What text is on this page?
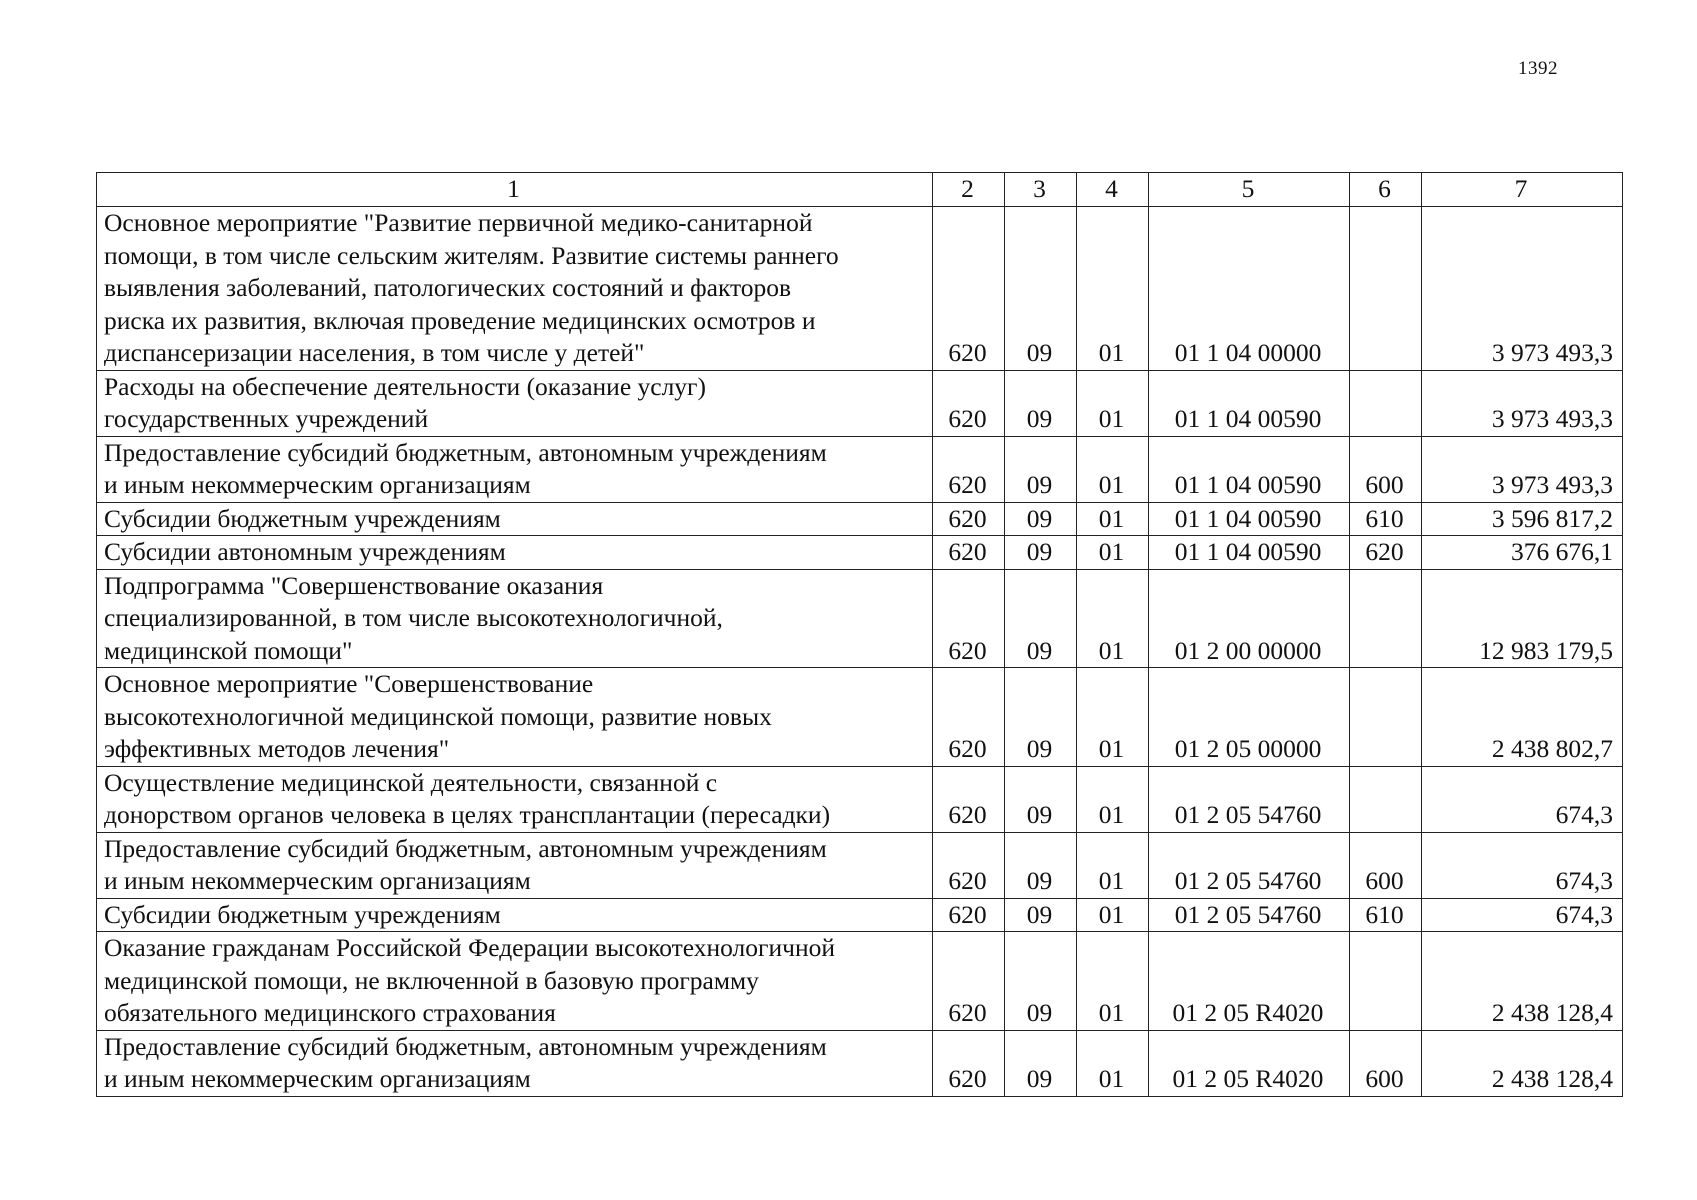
1392
1	2	3	4	5	6	7

Основное мероприятие "Развитие первичной медико-санитарной
помощи, в том числе сельским жителям. Развитие системы раннего
выявления заболеваний, патологических состояний и факторов
риска их развития, включая проведение медицинских осмотров и
диспансеризации населения, в том числе у детей"	620	09	01	01 1 04 00000		3 973 493,3

Расходы на обеспечение деятельности (оказание услуг)
государственных учреждений	620	09	01	01 1 04 00590		3 973 493,3

Предоставление субсидий бюджетным, автономным учреждениям
и иным некоммерческим организациям	620	09	01	01 1 04 00590	600	3 973 493,3

Субсидии бюджетным учреждениям	620	09	01	01 1 04 00590	610	3 596 817,2

Субсидии автономным учреждениям	620	09	01	01 1 04 00590	620	376 676,1

Подпрограмма "Совершенствование оказания
специализированной, в том числе высокотехнологичной,
медицинской помощи"	620	09	01	01 2 00 00000		12 983 179,5

Основное мероприятие "Совершенствование
высокотехнологичной медицинской помощи, развитие новых
эффективных методов лечения"	620	09	01	01 2 05 00000		2 438 802,7

Осуществление медицинской деятельности, связанной с
донорством органов человека в целях трансплантации (пересадки)	620	09	01	01 2 05 54760		674,3

Предоставление субсидий бюджетным, автономным учреждениям
и иным некоммерческим организациям	620	09	01	01 2 05 54760	600	674,3

Субсидии бюджетным учреждениям	620	09	01	01 2 05 54760	610	674,3

Оказание гражданам Российской Федерации высокотехнологичной
медицинской помощи, не включенной в базовую программу
обязательного медицинского страхования	620	09	01	01 2 05 R4020		2 438 128,4

Предоставление субсидий бюджетным, автономным учреждениям
и иным некоммерческим организациям	620	09	01	01 2 05 R4020	600	2 438 128,4
